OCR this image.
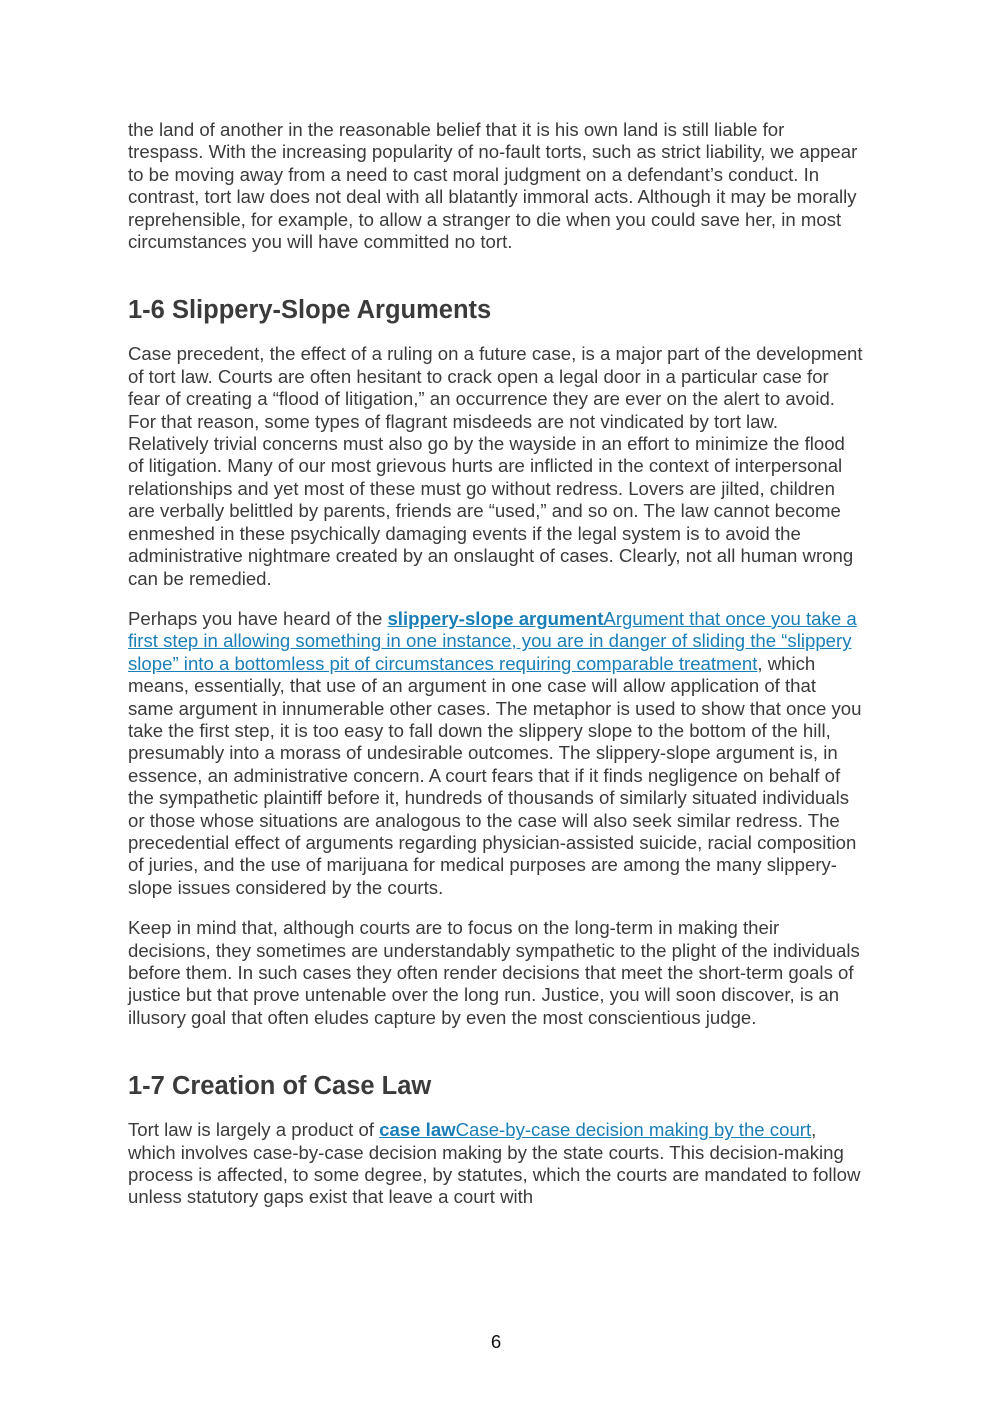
the land of another in the reasonable belief that it is his own land is still liable for trespass. With the increasing popularity of no-fault torts, such as strict liability, we appear to be moving away from a need to cast moral judgment on a defendant’s conduct. In contrast, tort law does not deal with all blatantly immoral acts. Although it may be morally reprehensible, for example, to allow a stranger to die when you could save her, in most circumstances you will have committed no tort.

1-6 Slippery-Slope Arguments

Case precedent, the effect of a ruling on a future case, is a major part of the development of tort law. Courts are often hesitant to crack open a legal door in a particular case for fear of creating a “flood of litigation,” an occurrence they are ever on the alert to avoid. For that reason, some types of flagrant misdeeds are not vindicated by tort law. Relatively trivial concerns must also go by the wayside in an effort to minimize the flood of litigation. Many of our most grievous hurts are inflicted in the context of interpersonal relationships and yet most of these must go without redress. Lovers are jilted, children are verbally belittled by parents, friends are “used,” and so on. The law cannot become enmeshed in these psychically damaging events if the legal system is to avoid the administrative nightmare created by an onslaught of cases. Clearly, not all human wrong can be remedied.

Perhaps you have heard of the slippery-slope argumentArgument that once you take a first step in allowing something in one instance, you are in danger of sliding the “slippery slope” into a bottomless pit of circumstances requiring comparable treatment, which means, essentially, that use of an argument in one case will allow application of that same argument in innumerable other cases. The metaphor is used to show that once you take the first step, it is too easy to fall down the slippery slope to the bottom of the hill, presumably into a morass of undesirable outcomes. The slippery-slope argument is, in essence, an administrative concern. A court fears that if it finds negligence on behalf of the sympathetic plaintiff before it, hundreds of thousands of similarly situated individuals or those whose situations are analogous to the case will also seek similar redress. The precedential effect of arguments regarding physician-assisted suicide, racial composition of juries, and the use of marijuana for medical purposes are among the many slippery-slope issues considered by the courts.

Keep in mind that, although courts are to focus on the long-term in making their decisions, they sometimes are understandably sympathetic to the plight of the individuals before them. In such cases they often render decisions that meet the short-term goals of justice but that prove untenable over the long run. Justice, you will soon discover, is an illusory goal that often eludes capture by even the most conscientious judge.

1-7 Creation of Case Law

Tort law is largely a product of case lawCase-by-case decision making by the court, which involves case-by-case decision making by the state courts. This decision-making process is affected, to some degree, by statutes, which the courts are mandated to follow unless statutory gaps exist that leave a court with

6
